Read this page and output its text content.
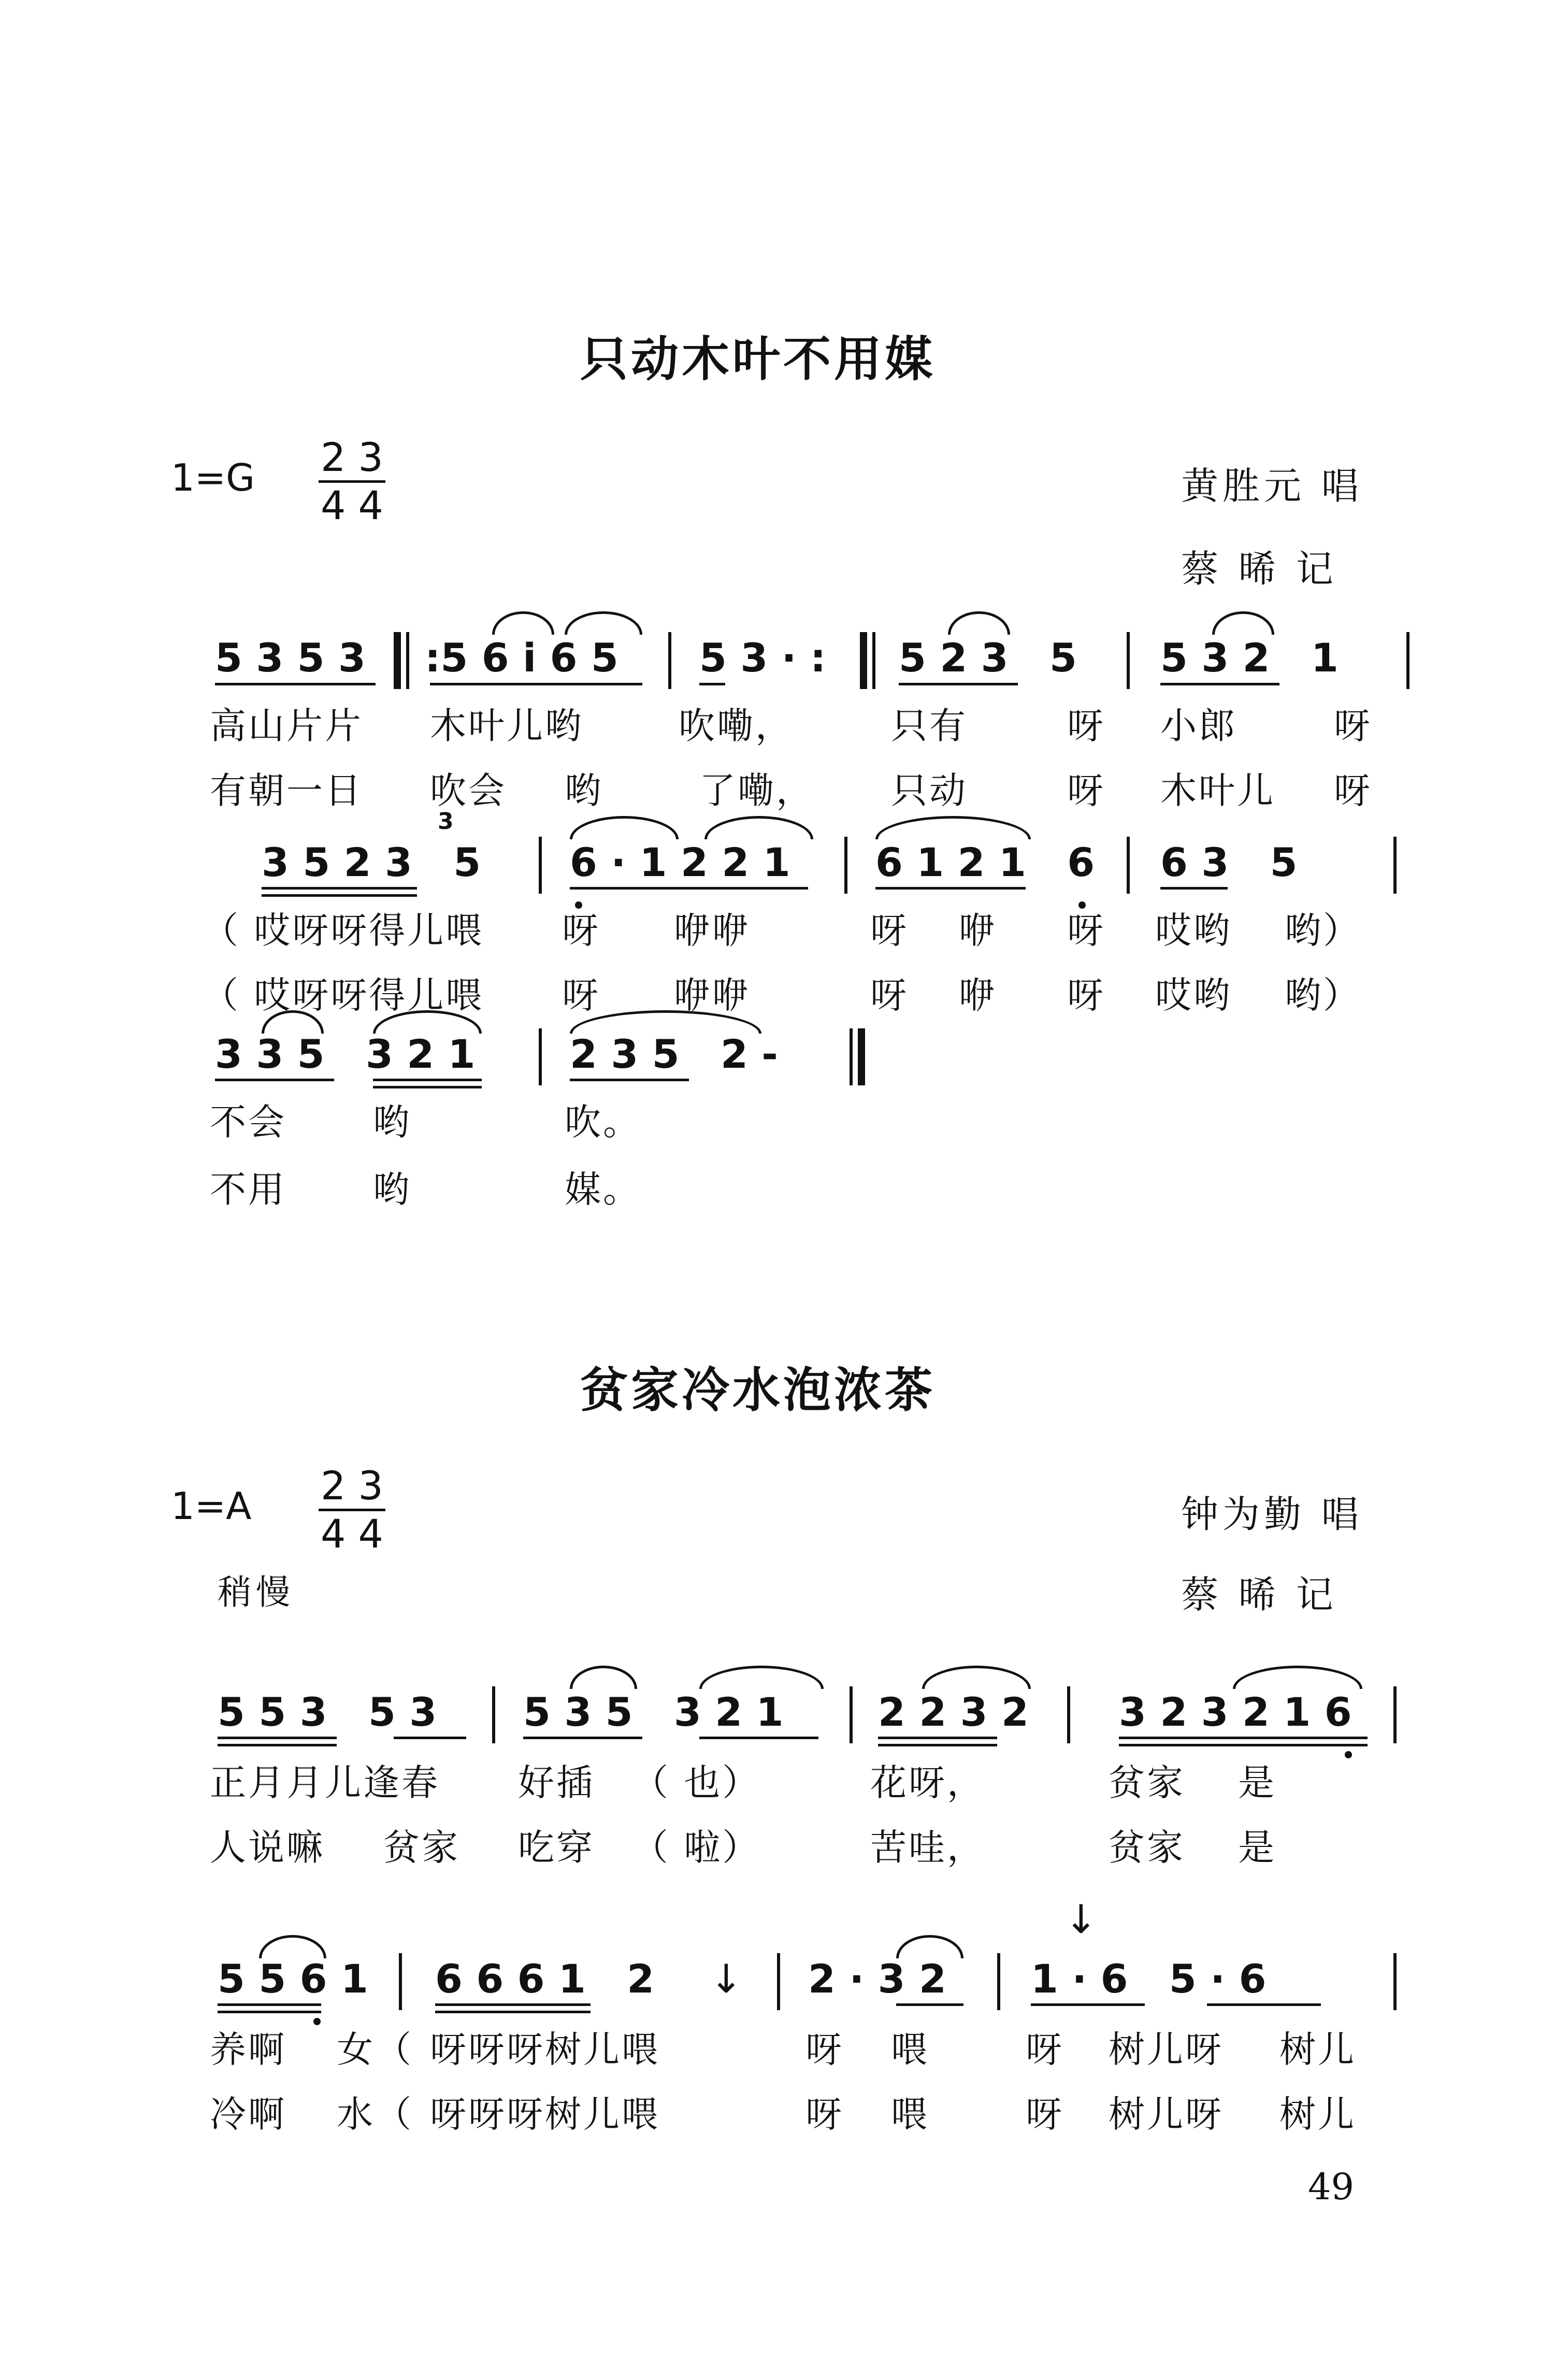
只动木叶不用媒
$1=G \frac{2 3}{4 4}$	黄胜元 唱
蔡 晞 记
5 3 5 3 :5 6 i 6 5 5 3 · : 5 2 3   5 5 3 2   1
高山片片 木叶儿哟	吹嘞，	只有	呀 小郎	呀
有朝一日 吹会 哟	了嘞， 只动	呀 木叶儿 呀
3
3 5 2 3   5 6 · 1 2 2 1 6 1 2 1   6 6 3   5
（ 哎呀呀得儿喂 呀 咿咿	呀 咿 呀 哎哟 哟）
（ 哎呀呀得儿喂 呀 咿咿	呀 咿 呀 哎哟 哟）
3 3 5   3 2 1 2 3 5   2 -
不会 哟	吹。
不用 哟	媒。
贫家冷水泡浓茶
$1=A \frac{2 3}{4 4}$	钟为勤 唱
稍慢	蔡 晞 记
5 5 3   5 3 5 3 5   3 2 1 2 2 3 2 3 2 3 2 1 6
正月月儿逢春 好插 （ 也）	花呀，	贫家 是
人说嘛 贫家 吃穿 （ 啦）	苦哇，	贫家 是
5 5 6 1 6 6 6 1   2 ↓ 2 · 3 2
↓
1 · 6   5 · 6
养啊 女（ 呀呀呀树儿喂	呀 喂	呀 树儿呀 树儿
冷啊 水（ 呀呀呀树儿喂	呀 喂	呀 树儿呀 树儿
49
